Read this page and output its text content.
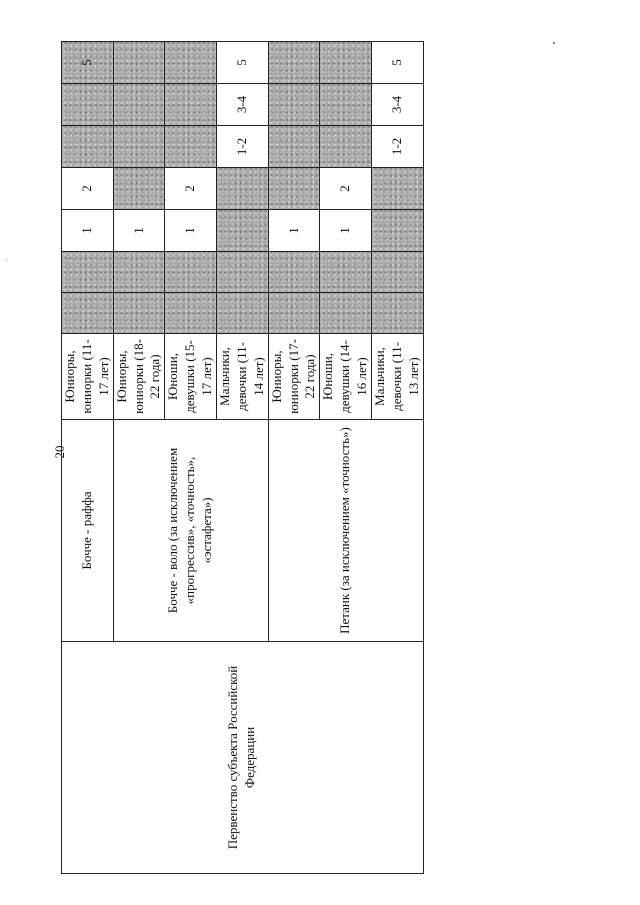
20
Первенство субъекта Российской Федерации	Бочче - раффа	Юниоры, юниорки (11-17 лет)			1	2			5
	Бочче - воло (за исключением «прогрессив», «точность», «эстафета»)	Юниоры, юниорки (18-22 года)			1				
		Юноши, девушки (15-17 лет)			1	2			
		Мальчики, девочки (11-14 лет)					1-2	3-4	5
	Петанк (за исключением «точность»)	Юниоры, юниорки (17-22 года)			1				
		Юноши, девушки (14-16 лет)			1	2			
		Мальчики, девочки (11-13 лет)					1-2	3-4	5
